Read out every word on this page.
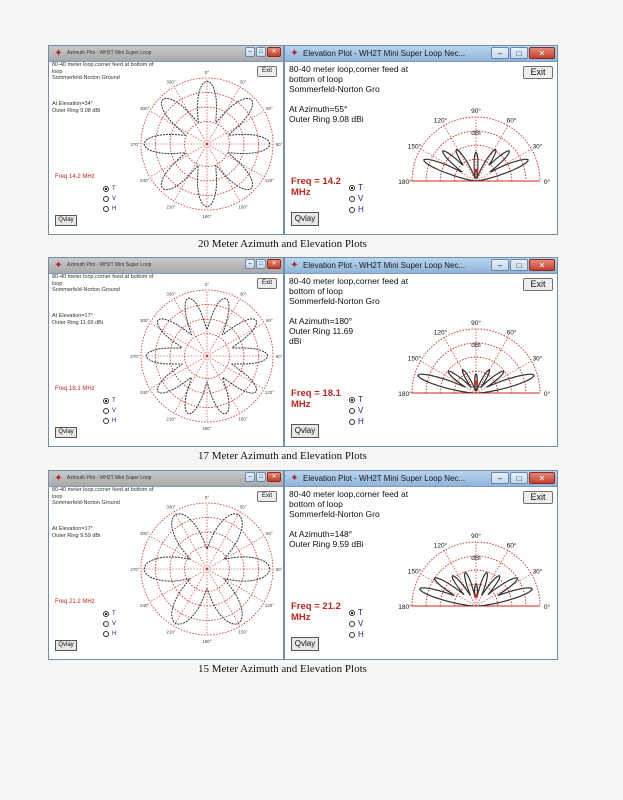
✦ Azimuth Plot - WH2T Mini Super Loop	–	□	✕
Exit
80-40 meter loop,corner feed at bottom of
loop
Sommerfeld-Norton Ground
At Elevation=34°
Outer Ring 9.08 dBi
Freq 14.2 MHz
T
V
H
Qvlay
0°
30°
60°
90°
120°
150°
180°
210°
240°
270°
300°
330°
✦ Elevation Plot - WH2T Mini Super Loop Nec...	–	□	✕
Exit
80-40 meter loop,corner feed at
bottom of loop
Sommerfeld-Norton Gro
At Azimuth=55°
Outer Ring 9.08 dBi
Freq = 14.2
MHz	T
V
H
Qvlay
180°
150°
120°
90°
60°
30°
0°
dBi
20 Meter Azimuth and Elevation Plots
✦ Azimuth Plot - WH2T Mini Super Loop	–	□	✕
Exit
80-40 meter loop,corner feed at bottom of
loop
Sommerfeld-Norton Ground
At Elevation=17°
Outer Ring 11.69 dBi
Freq 18.1 MHz
T
V
H
Qvlay
0°
30°
60°
90°
120°
150°
180°
210°
240°
270°
300°
330°
✦ Elevation Plot - WH2T Mini Super Loop Nec...	–	□	✕
Exit
80-40 meter loop,corner feed at
bottom of loop
Sommerfeld-Norton Gro
At Azimuth=180°
Outer Ring 11.69
dBi
Freq = 18.1
MHz	T
V
H
Qvlay
180°
150°
120°
90°
60°
30°
0°
dBi
17 Meter Azimuth and Elevation Plots
✦ Azimuth Plot - WH2T Mini Super Loop	–	□	✕
Exit
80-40 meter loop,corner feed at bottom of
loop
Sommerfeld-Norton Ground
At Elevation=17°
Outer Ring 9.59 dBi
Freq 21.2 MHz
T
V
H
Qvlay
0°
30°
60°
90°
120°
150°
180°
210°
240°
270°
300°
330°
✦ Elevation Plot - WH2T Mini Super Loop Nec...	–	□	✕
Exit
80-40 meter loop,corner feed at
bottom of loop
Sommerfeld-Norton Gro
At Azimuth=148°
Outer Ring 9.59 dBi
Freq = 21.2
MHz	T
V
H
Qvlay
180°
150°
120°
90°
60°
30°
0°
dBi
15 Meter Azimuth and Elevation Plots
